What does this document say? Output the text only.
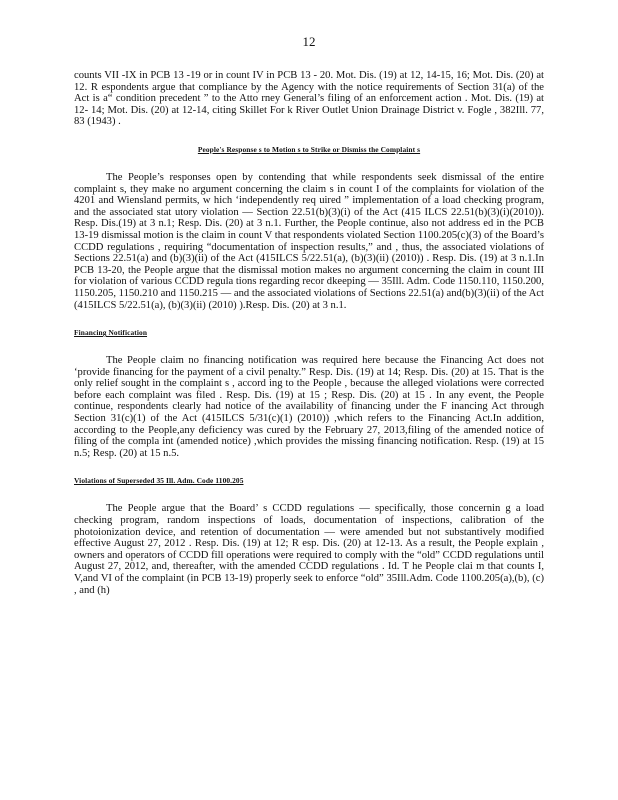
12

counts VII -IX in PCB 13 -19 or in count IV in PCB 13 - 20. Mot. Dis. (19) at 12, 14-15, 16; Mot. Dis. (20) at 12. R espondents argue that compliance by the Agency with the notice requirements of Section 31(a) of the Act is a“ condition precedent ” to the Atto rney General’s filing of an enforcement action . Mot. Dis. (19) at 12- 14; Mot. Dis. (20) at 12-14, citing Skillet For k River Outlet Union Drainage District v. Fogle , 382Ill. 77, 83 (1943) .

People's Response s to Motion s to Strike or Dismiss the Complaint s

The People’s responses open by contending that while respondents seek dismissal of the entire complaint s, they make no argument concerning the claim s in count I of the complaints for violation of the 4201 and Wiensland permits, w hich ‘independently req uired ” implementation of a load checking program, and the associated stat utory violation — Section 22.51(b)(3)(i) of the Act (415 ILCS 22.51(b)(3)(i)(2010)). Resp. Dis.(19) at 3 n.1; Resp. Dis. (20) at 3 n.1. Further, the People continue, also not address ed in the PCB 13-19 dismissal motion is the claim in count V that respondents violated Section 1100.205(c)(3) of the Board’s CCDD regulations , requiring “documentation of inspection results,” and , thus, the associated violations of Sections 22.51(a) and (b)(3)(ii) of the Act (415ILCS 5/22.51(a), (b)(3)(ii) (2010)) . Resp. Dis. (19) at 3 n.1.In PCB 13-20, the People argue that the dismissal motion makes no argument concerning the claim in count III for violation of various CCDD regula tions regarding recor dkeeping — 35Ill. Adm. Code 1150.110, 1150.200, 1150.205, 1150.210 and 1150.215 — and the associated violations of Sections 22.51(a) and(b)(3)(ii) of the Act (415ILCS 5/22.51(a), (b)(3)(ii) (2010) ).Resp. Dis. (20) at 3 n.1.

Financing Notification

The People claim no financing notification was required here because the Financing Act does not ‘provide financing for the payment of a civil penalty.” Resp. Dis. (19) at 14; Resp. Dis. (20) at 15. That is the only relief sought in the complaint s , accord ing to the People , because the alleged violations were corrected before each complaint was filed . Resp. Dis. (19) at 15 ; Resp. Dis. (20) at 15 . In any event, the People continue, respondents clearly had notice of the availability of financing under the F inancing Act through Section 31(c)(1) of the Act (415ILCS 5/31(c)(1) (2010)) ,which refers to the Financing Act.In addition, according to the People,any deficiency was cured by the February 27, 2013,filing of the amended notice of filing of the compla int (amended notice) ,which provides the missing financing notification. Resp. (19) at 15 n.5; Resp. (20) at 15 n.5.

Violations of Superseded 35 Ill. Adm. Code 1100.205

The People argue that the Board’ s CCDD regulations — specifically, those concernin g a load checking program, random inspections of loads, documentation of inspections, calibration of the photoionization device, and retention of documentation — were amended but not substantively modified effective August 27, 2012 . Resp. Dis. (19) at 12; R esp. Dis. (20) at 12-13. As a result, the People explain , owners and operators of CCDD fill operations were required to comply with the “old” CCDD regulations until August 27, 2012, and, thereafter, with the amended CCDD regulations . Id. T he People clai m that counts I, V,and VI of the complaint (in PCB 13-19) properly seek to enforce “old” 35Ill.Adm. Code 1100.205(a),(b), (c) , and (h)
